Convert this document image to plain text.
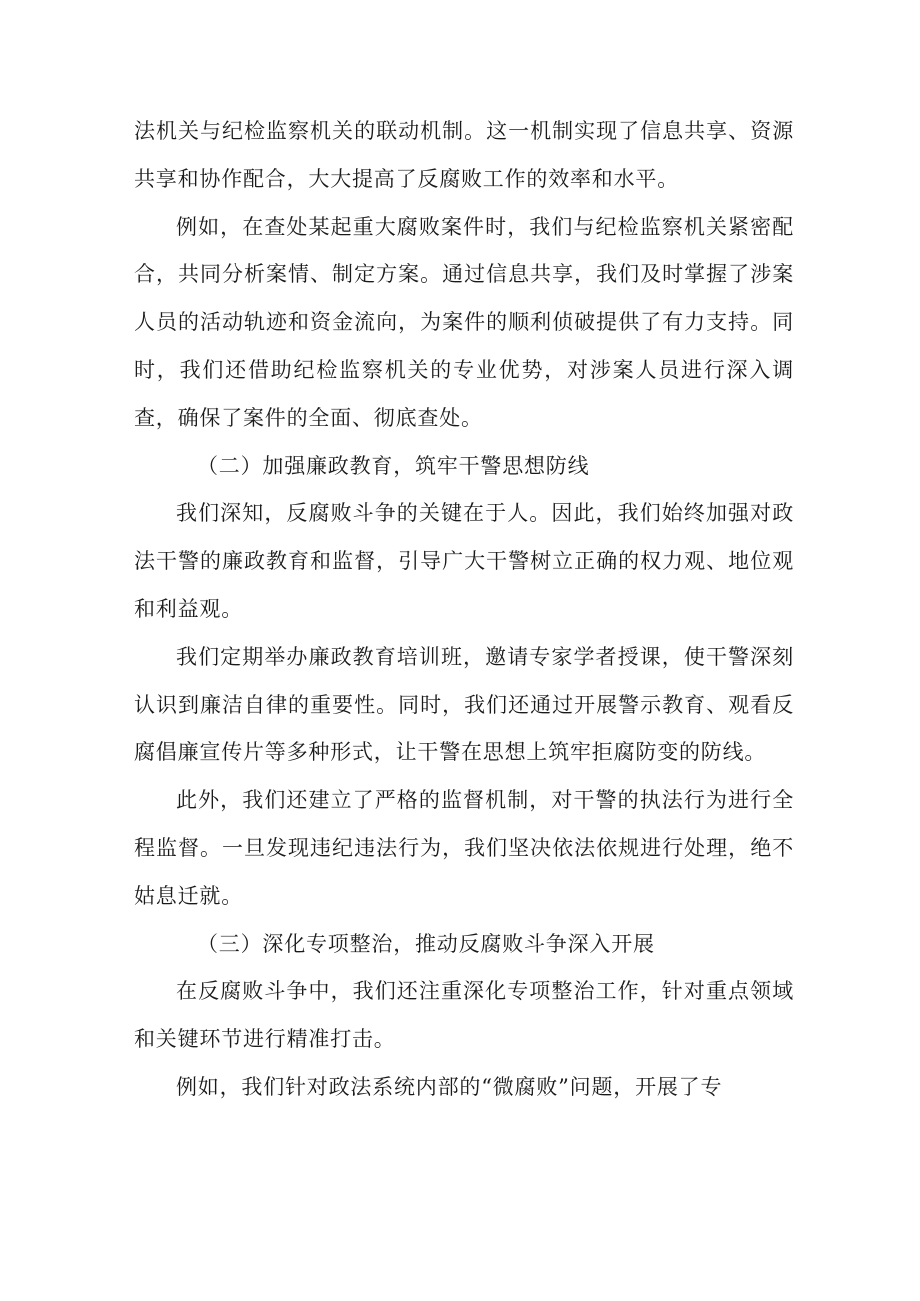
法机关与纪检监察机关的联动机制。这一机制实现了信息共享、资源共享和协作配合，大大提高了反腐败工作的效率和水平。

例如，在查处某起重大腐败案件时，我们与纪检监察机关紧密配合，共同分析案情、制定方案。通过信息共享，我们及时掌握了涉案人员的活动轨迹和资金流向，为案件的顺利侦破提供了有力支持。同时，我们还借助纪检监察机关的专业优势，对涉案人员进行深入调查，确保了案件的全面、彻底查处。

（二）加强廉政教育，筑牢干警思想防线

我们深知，反腐败斗争的关键在于人。因此，我们始终加强对政法干警的廉政教育和监督，引导广大干警树立正确的权力观、地位观和利益观。

我们定期举办廉政教育培训班，邀请专家学者授课，使干警深刻认识到廉洁自律的重要性。同时，我们还通过开展警示教育、观看反腐倡廉宣传片等多种形式，让干警在思想上筑牢拒腐防变的防线。

此外，我们还建立了严格的监督机制，对干警的执法行为进行全程监督。一旦发现违纪违法行为，我们坚决依法依规进行处理，绝不姑息迁就。

（三）深化专项整治，推动反腐败斗争深入开展

在反腐败斗争中，我们还注重深化专项整治工作，针对重点领域和关键环节进行精准打击。

例如，我们针对政法系统内部的“微腐败”问题，开展了专
